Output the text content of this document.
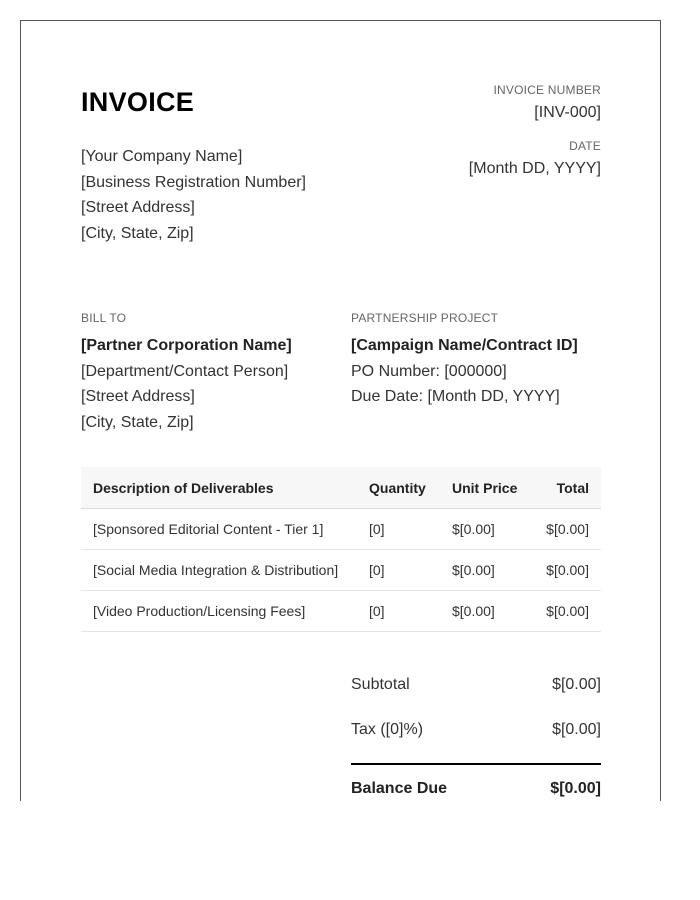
INVOICE
[Your Company Name]
[Business Registration Number]
[Street Address]
[City, State, Zip]
INVOICE NUMBER
[INV-000]
DATE
[Month DD, YYYY]
BILL TO
[Partner Corporation Name]
[Department/Contact Person]
[Street Address]
[City, State, Zip]
PARTNERSHIP PROJECT
[Campaign Name/Contract ID]
PO Number: [000000]
Due Date: [Month DD, YYYY]
Description of Deliverables	Quantity	Unit Price	Total
[Sponsored Editorial Content - Tier 1]	[0]	$[0.00]	$[0.00]
[Social Media Integration & Distribution]	[0]	$[0.00]	$[0.00]
[Video Production/Licensing Fees]	[0]	$[0.00]	$[0.00]
Subtotal	$[0.00]
Tax ([0]%)	$[0.00]
Balance Due	$[0.00]
